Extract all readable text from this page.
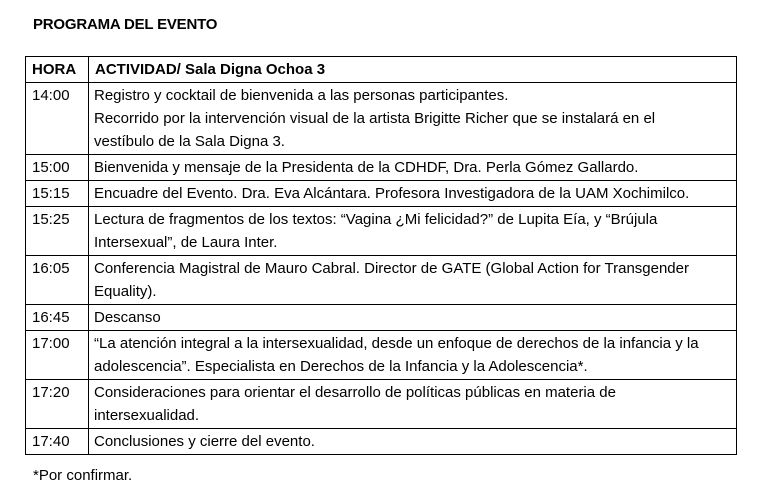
PROGRAMA DEL EVENTO
HORA	ACTIVIDAD/ Sala Digna Ochoa 3
14:00	Registro y cocktail de bienvenida a las personas participantes.
Recorrido por la intervención visual de la artista Brigitte Richer que se instalará en el
vestíbulo de la Sala Digna 3.

15:00	Bienvenida y mensaje de la Presidenta de la CDHDF, Dra. Perla Gómez Gallardo.

15:15	Encuadre del Evento. Dra. Eva Alcántara. Profesora Investigadora de la UAM Xochimilco.

15:25	Lectura de fragmentos de los textos: “Vagina ¿Mi felicidad?” de Lupita Eía, y “Brújula
Intersexual”, de Laura Inter.

16:05	Conferencia Magistral de Mauro Cabral. Director de GATE (Global Action for Transgender
Equality).

16:45	Descanso

17:00	“La atención integral a la intersexualidad, desde un enfoque de derechos de la infancia y la
adolescencia”. Especialista en Derechos de la Infancia y la Adolescencia*.

17:20	Consideraciones para orientar el desarrollo de políticas públicas en materia de
intersexualidad.

17:40	Conclusiones y cierre del evento.
*Por confirmar.
